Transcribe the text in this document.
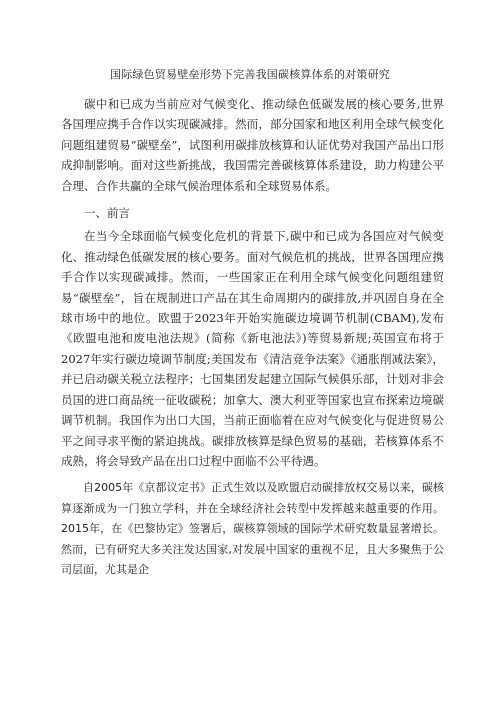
国际绿色贸易壁垒形势下完善我国碳核算体系的对策研究

碳中和已成为当前应对气候变化、推动绿色低碳发展的核心要务,世界各国理应携手合作以实现碳减排。然而，部分国家和地区利用全球气候变化问题组建贸易“碳壁垒”，试图利用碳排放核算和认证优势对我国产品出口形成抑制影响。面对这些新挑战，我国需完善碳核算体系建设，助力构建公平合理、合作共赢的全球气候治理体系和全球贸易体系。

一、前言

在当今全球面临气候变化危机的背景下,碳中和已成为各国应对气候变化、推动绿色低碳发展的核心要务。面对气候危机的挑战，世界各国理应携手合作以实现碳减排。然而，一些国家正在利用全球气候变化问题组建贸易“碳壁垒”，旨在规制进口产品在其生命周期内的碳排放,并巩固自身在全球市场中的地位。欧盟于2023年开始实施碳边境调节机制(CBAM),发布《欧盟电池和废电池法规》(简称《新电池法》)等贸易新规;英国宣布将于2027年实行碳边境调节制度;美国发布《清洁竞争法案》《通胀削减法案》，并已启动碳关税立法程序；七国集团发起建立国际气候俱乐部，计划对非会员国的进口商品统一征收碳税；加拿大、澳大利亚等国家也宣布探索边境碳调节机制。我国作为出口大国，当前正面临着在应对气候变化与促进贸易公平之间寻求平衡的紧迫挑战。碳排放核算是绿色贸易的基础，若核算体系不成熟，将会导致产品在出口过程中面临不公平待遇。

自2005年《京都议定书》正式生效以及欧盟启动碳排放权交易以来，碳核算逐渐成为一门独立学科，并在全球经济社会转型中发挥越来越重要的作用。2015年，在《巴黎协定》签署后，碳核算领域的国际学术研究数量显著增长。然而，已有研究大多关注发达国家,对发展中国家的重视不足，且大多聚焦于公司层面，尤其是企
